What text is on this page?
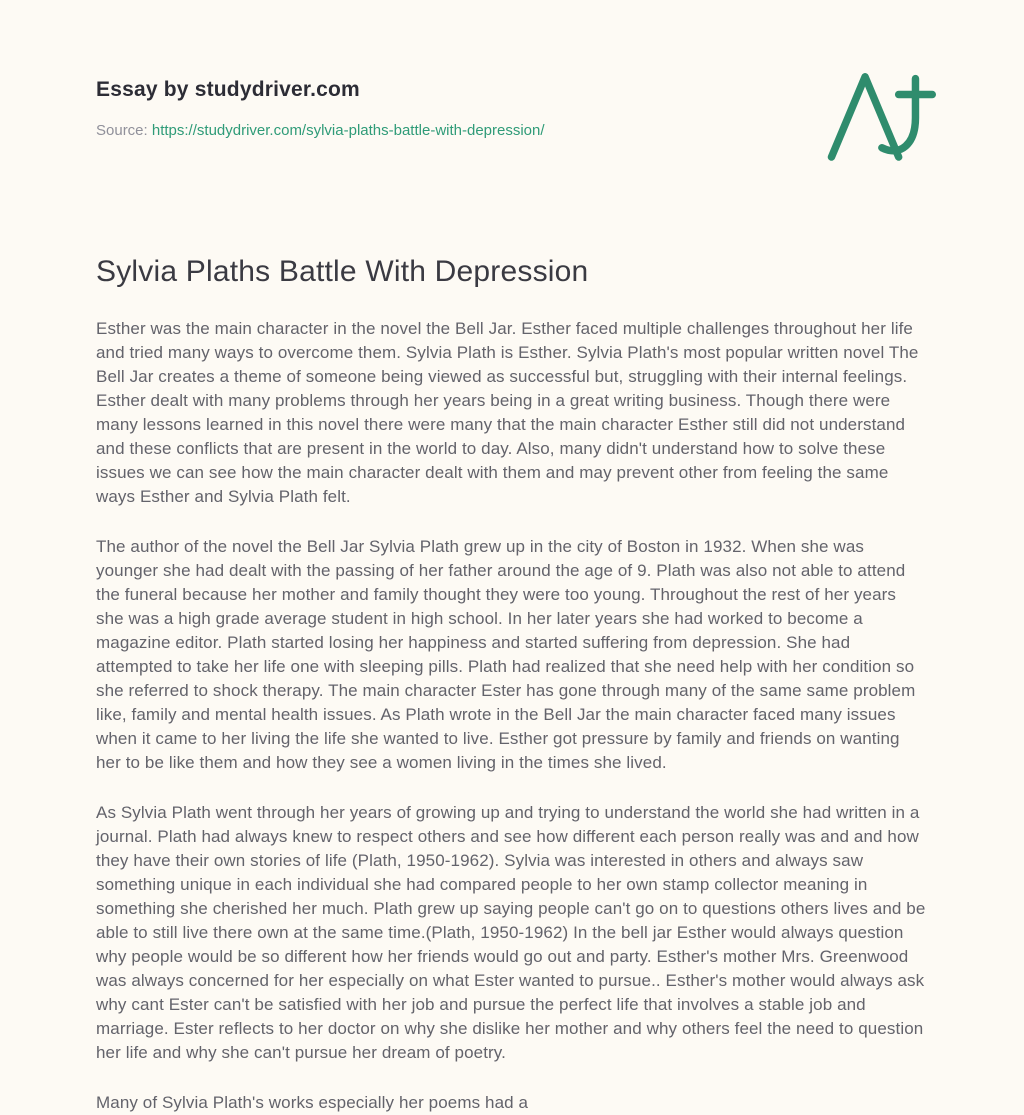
Essay by studydriver.com
Source: https://studydriver.com/sylvia-plaths-battle-with-depression/
Sylvia Plaths Battle With Depression

Esther was the main character in the novel the Bell Jar. Esther faced multiple challenges throughout her life and tried many ways to overcome them. Sylvia Plath is Esther. Sylvia Plath's most popular written novel The Bell Jar creates a theme of someone being viewed as successful but, struggling with their internal feelings. Esther dealt with many problems through her years being in a great writing business. Though there were many lessons learned in this novel there were many that the main character Esther still did not understand and these conflicts that are present in the world to day. Also, many didn't understand how to solve these issues we can see how the main character dealt with them and may prevent other from feeling the same ways Esther and Sylvia Plath felt.

The author of the novel the Bell Jar Sylvia Plath grew up in the city of Boston in 1932. When she was younger she had dealt with the passing of her father around the age of 9. Plath was also not able to attend the funeral because her mother and family thought they were too young. Throughout the rest of her years she was a high grade average student in high school. In her later years she had worked to become a magazine editor. Plath started losing her happiness and started suffering from depression. She had attempted to take her life one with sleeping pills. Plath had realized that she need help with her condition so she referred to shock therapy. The main character Ester has gone through many of the same same problem like, family and mental health issues. As Plath wrote in the Bell Jar the main character faced many issues when it came to her living the life she wanted to live. Esther got pressure by family and friends on wanting her to be like them and how they see a women living in the times she lived.

As Sylvia Plath went through her years of growing up and trying to understand the world she had written in a journal. Plath had always knew to respect others and see how different each person really was and and how they have their own stories of life (Plath, 1950-1962). Sylvia was interested in others and always saw something unique in each individual she had compared people to her own stamp collector meaning in something she cherished her much. Plath grew up saying people can't go on to questions others lives and be able to still live there own at the same time.(Plath, 1950-1962) In the bell jar Esther would always question why people would be so different how her friends would go out and party. Esther's mother Mrs. Greenwood was always concerned for her especially on what Ester wanted to pursue.. Esther's mother would always ask why cant Ester can't be satisfied with her job and pursue the perfect life that involves a stable job and marriage. Ester reflects to her doctor on why she dislike her mother and why others feel the need to question her life and why she can't pursue her dream of poetry.

Many of Sylvia Plath's works especially her poems had a
